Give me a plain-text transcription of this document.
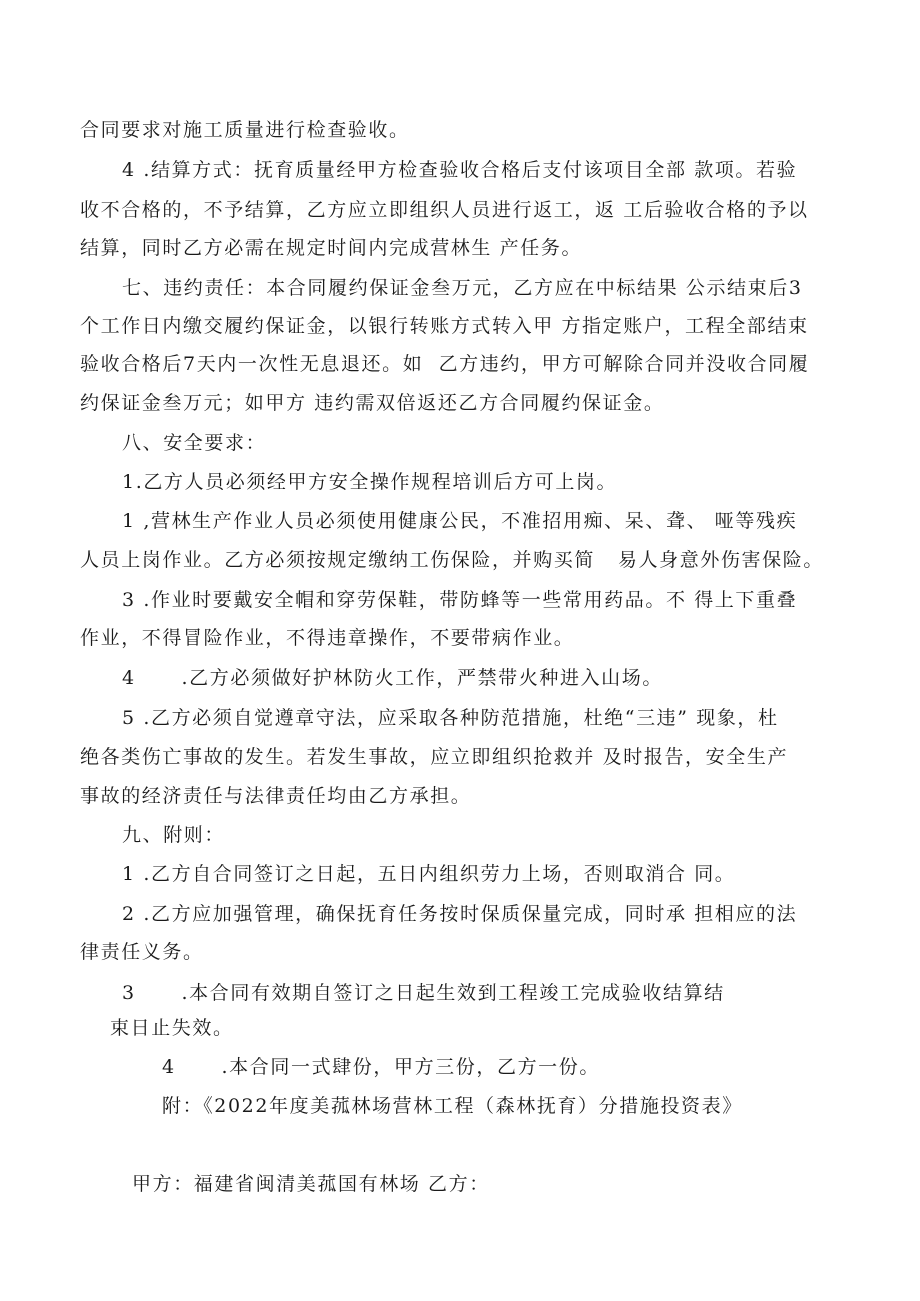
合同要求对施工质量进行检查验收。
4 .结算方式：抚育质量经甲方检查验收合格后支付该项目全部 款项。若验
收不合格的，不予结算，乙方应立即组织人员进行返工，返 工后验收合格的予以
结算，同时乙方必需在规定时间内完成营林生 产任务。
七、违约责任：本合同履约保证金叁万元，乙方应在中标结果 公示结束后3
个工作日内缴交履约保证金，以银行转账方式转入甲 方指定账户，工程全部结束
验收合格后7天内一次性无息退还。如  乙方违约，甲方可解除合同并没收合同履
约保证金叁万元；如甲方 违约需双倍返还乙方合同履约保证金。
八、安全要求：
1.乙方人员必须经甲方安全操作规程培训后方可上岗。
1 ,营林生产作业人员必须使用健康公民，不准招用痴、呆、聋、 哑等残疾
人员上岗作业。乙方必须按规定缴纳工伤保险，并购买简   易人身意外伤害保险。
3 .作业时要戴安全帽和穿劳保鞋，带防蜂等一些常用药品。不 得上下重叠
作业，不得冒险作业，不得违章操作，不要带病作业。
4      .乙方必须做好护林防火工作，严禁带火种进入山场。
5 .乙方必须自觉遵章守法，应采取各种防范措施，杜绝“三违” 现象，杜
绝各类伤亡事故的发生。若发生事故，应立即组织抢救并 及时报告，安全生产
事故的经济责任与法律责任均由乙方承担。
九、附则：
1 .乙方自合同签订之日起，五日内组织劳力上场，否则取消合 同。
2 .乙方应加强管理，确保抚育任务按时保质保量完成，同时承 担相应的法
律责任义务。
3      .本合同有效期自签订之日起生效到工程竣工完成验收结算结
束日止失效。
4      .本合同一式肆份，甲方三份，乙方一份。
附：《2022年度美菰林场营林工程（森林抚育）分措施投资表》
甲方：福建省闽清美菰国有林场 乙方：
